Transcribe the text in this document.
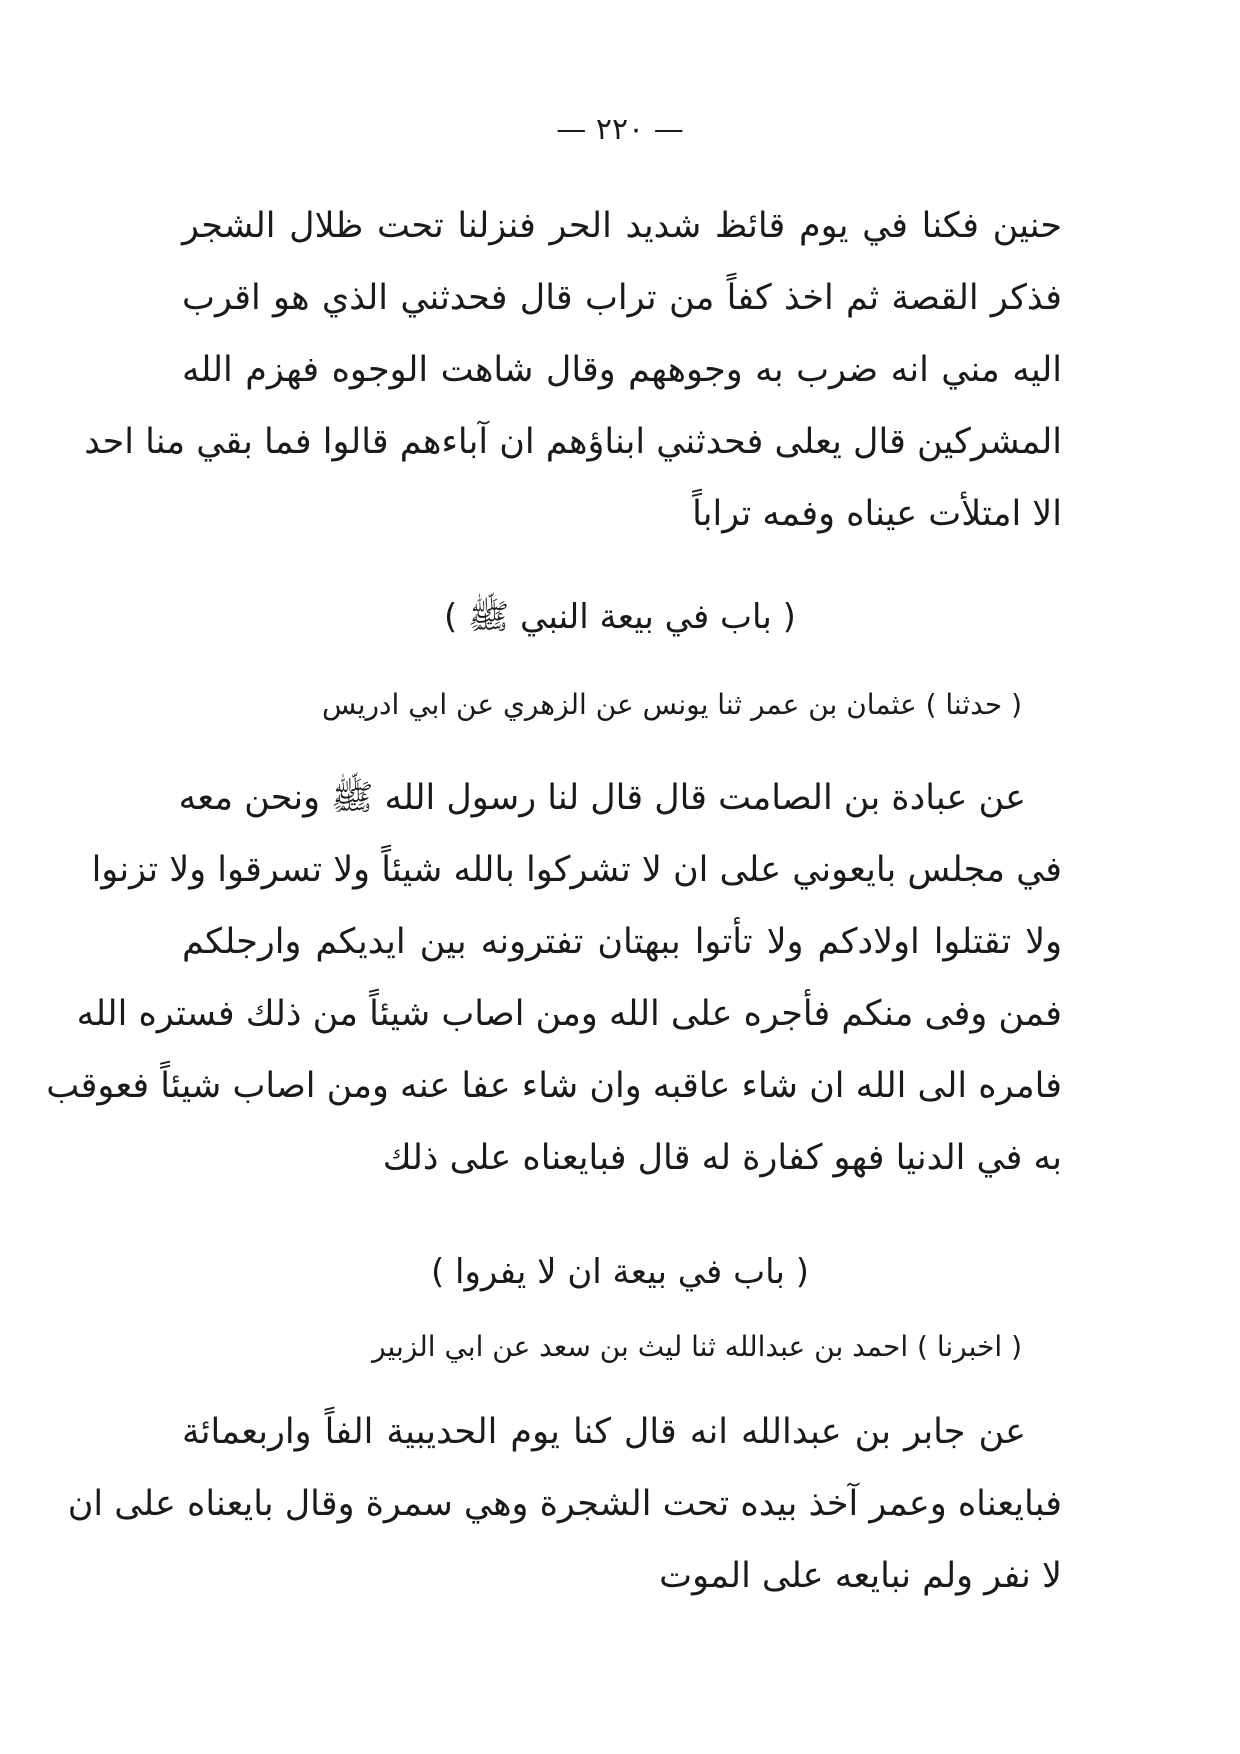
— ٢٢٠ —
حنين فكنا في يوم قائظ شديد الحر فنزلنا تحت ظلال الشجر
فذكر القصة ثم اخذ كفاً من تراب قال فحدثني الذي هو اقرب
اليه مني انه ضرب به وجوههم وقال شاهت الوجوه فهزم الله
المشركين قال يعلى فحدثني ابناؤهم ان آباءهم قالوا فما بقي منا احد
الا امتلأت عيناه وفمه تراباً
( باب في بيعة النبي ﷺ )
( حدثنا ) عثمان بن عمر ثنا يونس عن الزهري عن ابي ادريس
عن عبادة بن الصامت قال قال لنا رسول الله ﷺ ونحن معه
في مجلس بايعوني على ان لا تشركوا بالله شيئاً ولا تسرقوا ولا تزنوا
ولا تقتلوا اولادكم ولا تأتوا ببهتان تفترونه بين ايديكم وارجلكم
فمن وفى منكم فأجره على الله ومن اصاب شيئاً من ذلك فستره الله
فامره الى الله ان شاء عاقبه وان شاء عفا عنه ومن اصاب شيئاً فعوقب
به في الدنيا فهو كفارة له قال فبايعناه على ذلك
( باب في بيعة ان لا يفروا )
( اخبرنا ) احمد بن عبدالله ثنا ليث بن سعد عن ابي الزبير
عن جابر بن عبدالله انه قال كنا يوم الحديبية الفاً واربعمائة
فبايعناه وعمر آخذ بيده تحت الشجرة وهي سمرة وقال بايعناه على ان
لا نفر ولم نبايعه على الموت
